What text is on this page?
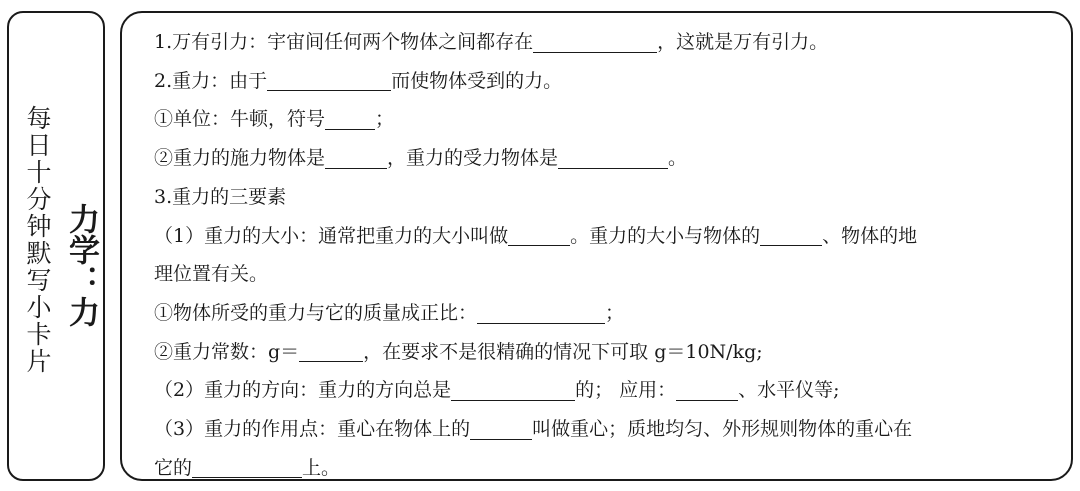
每日十分钟默写小卡片 力学：力
1.万有引力：宇宙间任何两个物体之间都存在	，这就是万有引力。
2.重力：由于	而使物体受到的力。
①单位：牛顿，符号	；
②重力的施力物体是	，重力的受力物体是	。
3.重力的三要素
（1）重力的大小：通常把重力的大小叫做	。重力的大小与物体的	、物体的地
理位置有关。
①物体所受的重力与它的质量成正比：	；
②重力常数：g＝	，在要求不是很精确的情况下可取 g＝10N/kg;
（2）重力的方向：重力的方向总是	的； 应用：	、水平仪等;
（3）重力的作用点：重心在物体上的	叫做重心；质地均匀、外形规则物体的重心在
它的	上。
